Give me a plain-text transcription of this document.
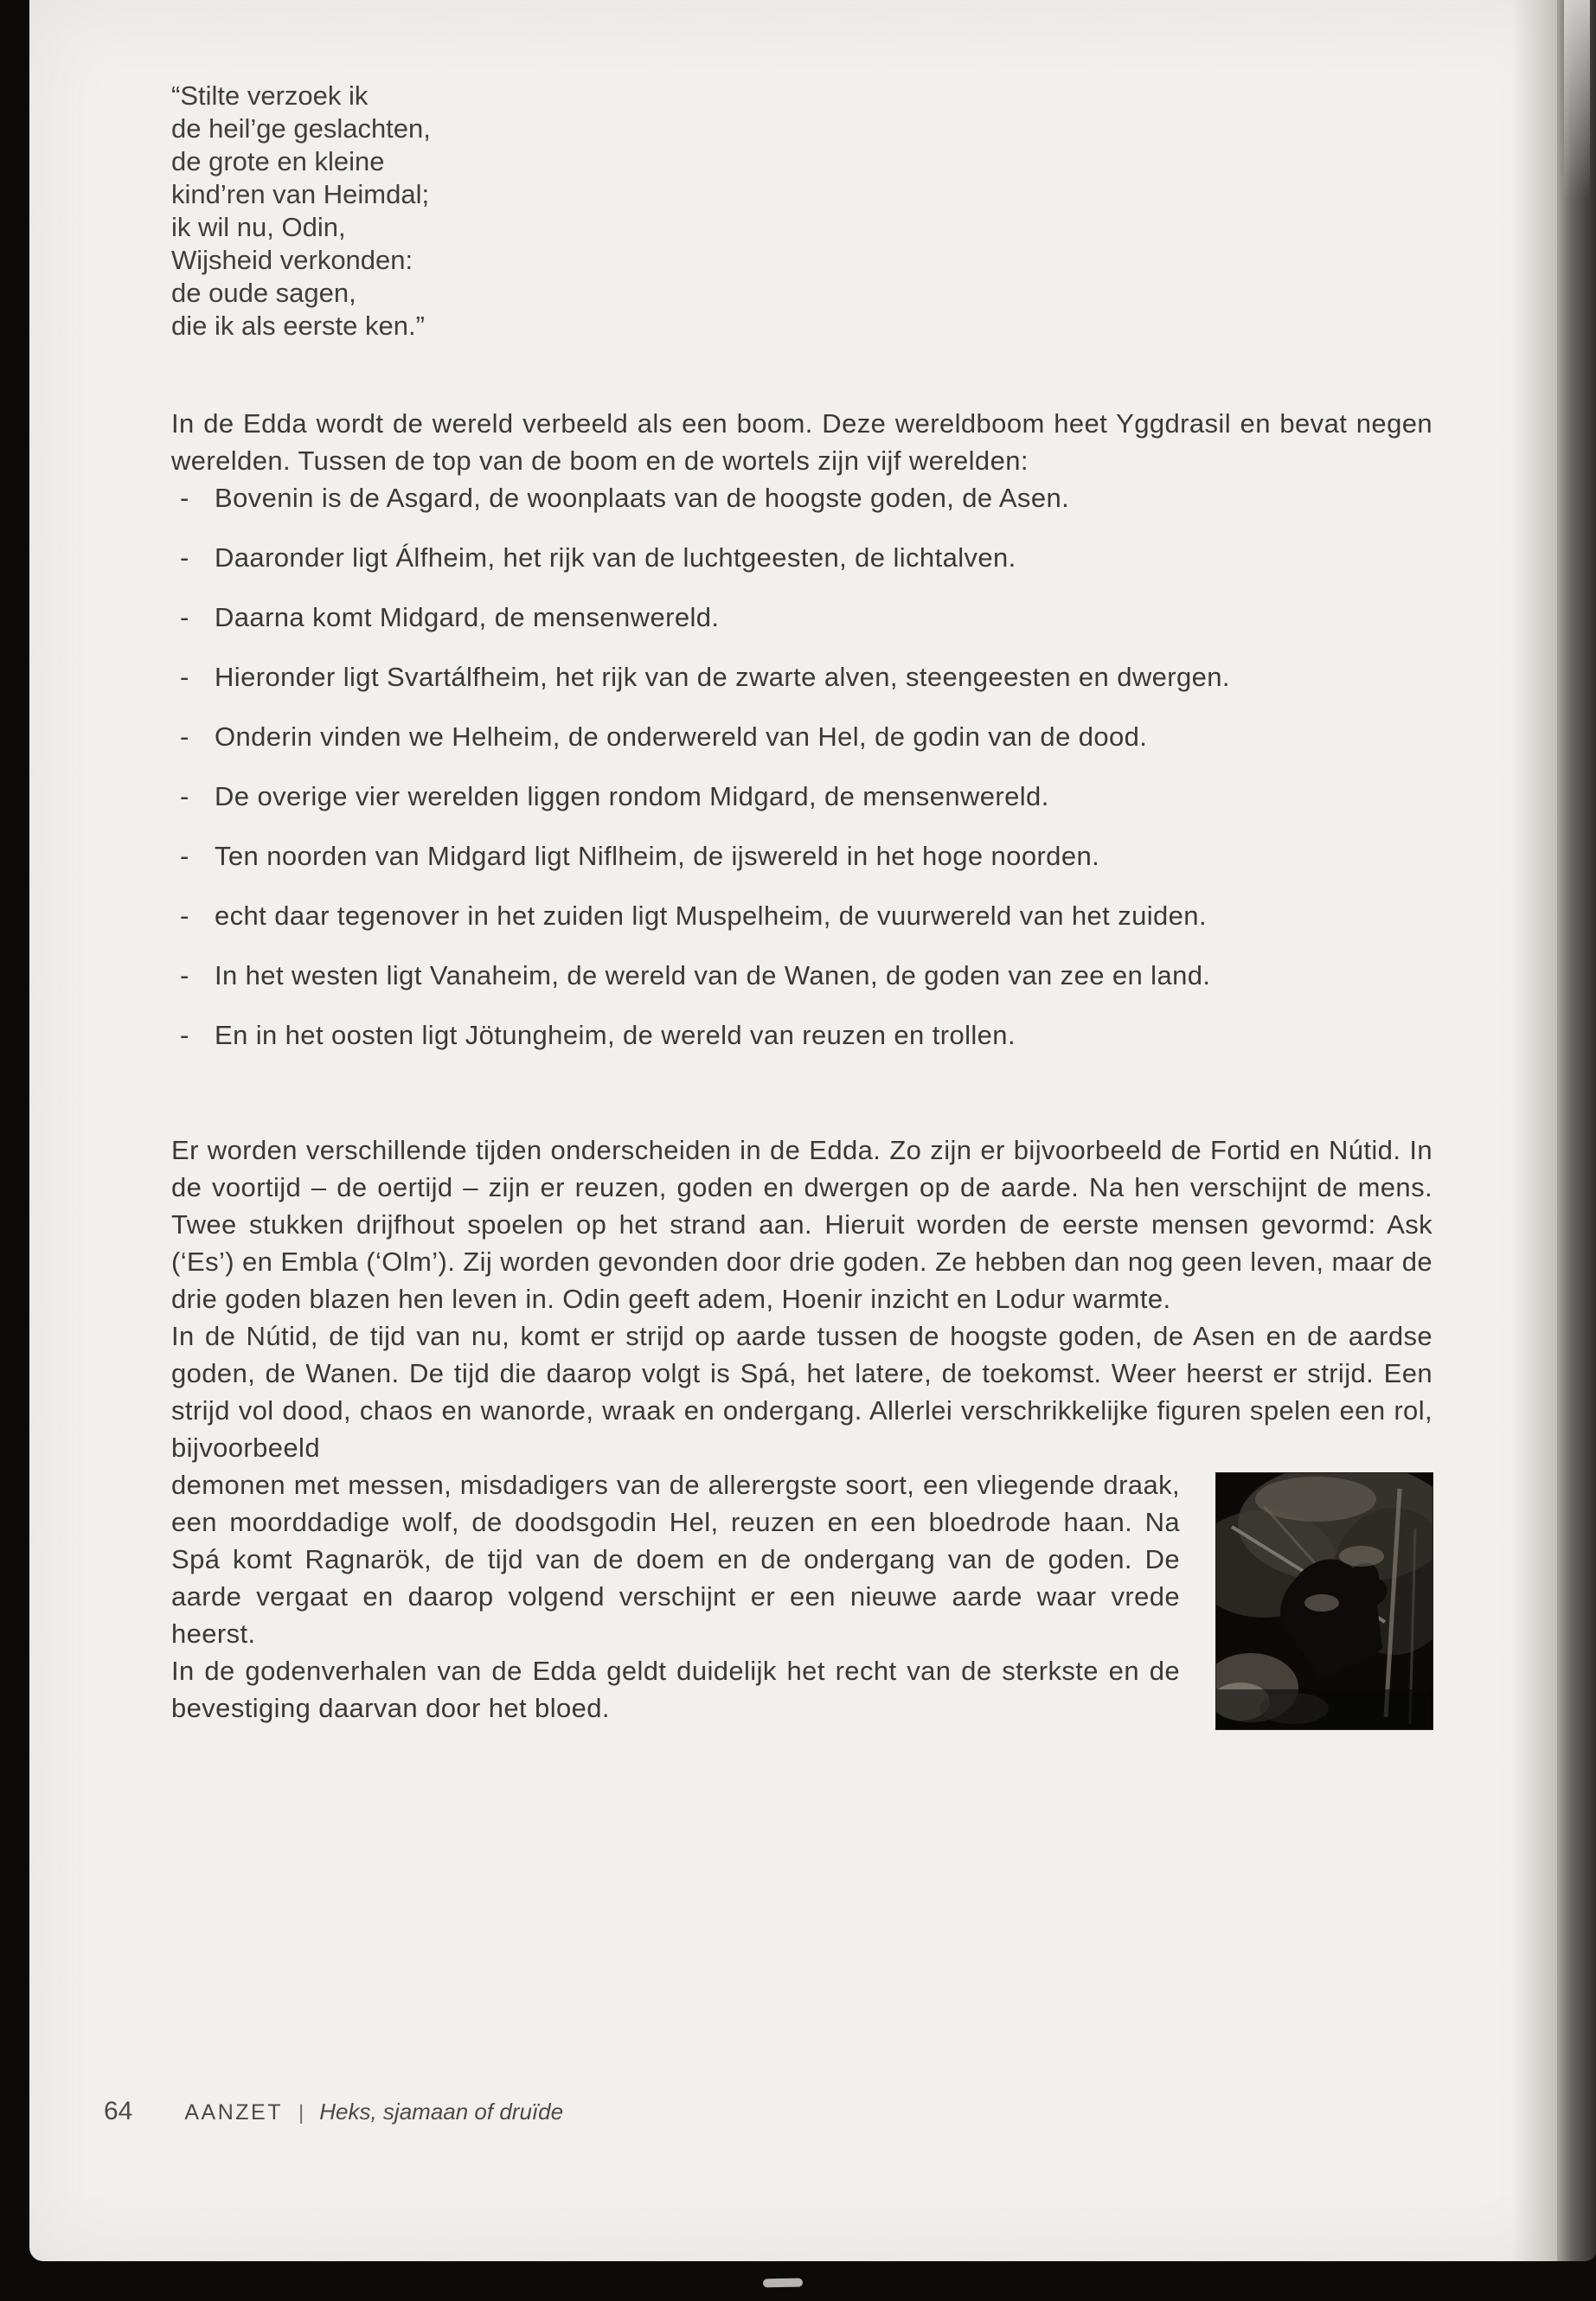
“Stilte verzoek ik
de heil’ge geslachten,
de grote en kleine
kind’ren van Heimdal;
ik wil nu, Odin,
Wijsheid verkonden:
de oude sagen,
die ik als eerste ken.”

In de Edda wordt de wereld verbeeld als een boom. Deze wereldboom heet Yggdrasil en bevat negen werelden. Tussen de top van de boom en de wortels zijn vijf werelden:

- Bovenin is de Asgard, de woonplaats van de hoogste goden, de Asen.
- Daaronder ligt Álfheim, het rijk van de luchtgeesten, de lichtalven.
- Daarna komt Midgard, de mensenwereld.
- Hieronder ligt Svartálfheim, het rijk van de zwarte alven, steengeesten en dwergen.
- Onderin vinden we Helheim, de onderwereld van Hel, de godin van de dood.
- De overige vier werelden liggen rondom Midgard, de mensenwereld.
- Ten noorden van Midgard ligt Niflheim, de ijswereld in het hoge noorden.
- echt daar tegenover in het zuiden ligt Muspelheim, de vuurwereld van het zuiden.
- In het westen ligt Vanaheim, de wereld van de Wanen, de goden van zee en land.
- En in het oosten ligt Jötungheim, de wereld van reuzen en trollen.

Er worden verschillende tijden onderscheiden in de Edda. Zo zijn er bijvoorbeeld de Fortid en Nútid. In de voortijd – de oertijd – zijn er reuzen, goden en dwergen op de aarde. Na hen verschijnt de mens. Twee stukken drijfhout spoelen op het strand aan. Hieruit worden de eerste mensen gevormd: Ask (‘Es’) en Embla (‘Olm’). Zij worden gevonden door drie goden. Ze hebben dan nog geen leven, maar de drie goden blazen hen leven in. Odin geeft adem, Hoenir inzicht en Lodur warmte.

In de Nútid, de tijd van nu, komt er strijd op aarde tussen de hoogste goden, de Asen en de aardse goden, de Wanen. De tijd die daarop volgt is Spá, het latere, de toekomst. Weer heerst er strijd. Een strijd vol dood, chaos en wanorde, wraak en ondergang. Allerlei verschrikkelijke figuren spelen een rol, bijvoorbeeld

demonen met messen, misdadigers van de allerergste soort, een vliegende draak, een moorddadige wolf, de doodsgodin Hel, reuzen en een bloedrode haan. Na Spá komt Ragnarök, de tijd van de doem en de ondergang van de goden. De aarde vergaat en daarop volgend verschijnt er een nieuwe aarde waar vrede heerst.

In de godenverhalen van de Edda geldt duidelijk het recht van de sterkste en de bevestiging daarvan door het bloed.

64 AANZET | Heks, sjamaan of druïde
